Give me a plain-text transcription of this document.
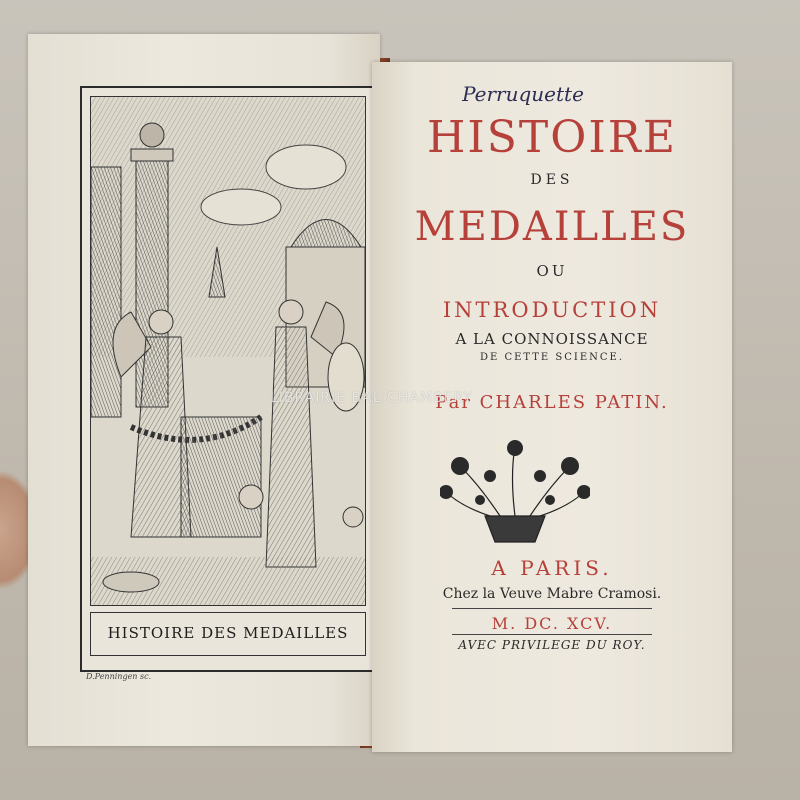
HISTOIRE DES MEDAILLES
D.Penningen sc.
Perruquette
HISTOIRE
DES
MEDAILLES
OU
INTRODUCTION
A LA CONNOISSANCE
DE CETTE SCIENCE.
Par CHARLES PATIN.
A PARIS.
Chez la Veuve Mabre Cramosi.
M. DC. XCV.
AVEC PRIVILEGE DU ROY.
LIBRAIRIE BAL CHAMBERY
